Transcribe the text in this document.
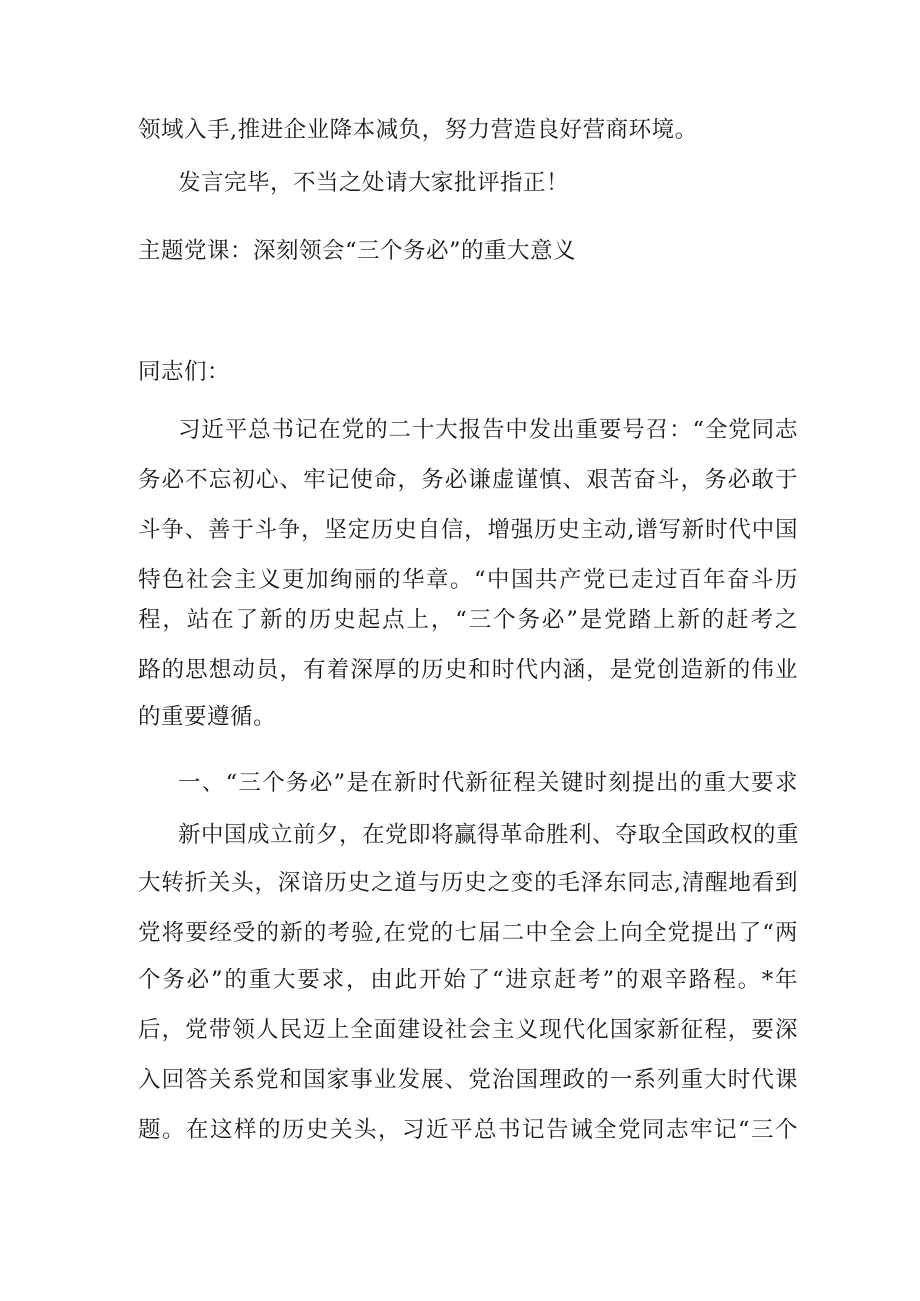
领域入手,推进企业降本减负，努力营造良好营商环境。
发言完毕，不当之处请大家批评指正！
主题党课：深刻领会“三个务必”的重大意义
同志们：
习近平总书记在党的二十大报告中发出重要号召：“全党同志
务必不忘初心、牢记使命，务必谦虚谨慎、艰苦奋斗，务必敢于
斗争、善于斗争，坚定历史自信，增强历史主动,谱写新时代中国
特色社会主义更加绚丽的华章。“中国共产党已走过百年奋斗历
程，站在了新的历史起点上，“三个务必”是党踏上新的赶考之
路的思想动员，有着深厚的历史和时代内涵，是党创造新的伟业
的重要遵循。
一、“三个务必”是在新时代新征程关键时刻提出的重大要求
新中国成立前夕，在党即将赢得革命胜利、夺取全国政权的重
大转折关头，深谙历史之道与历史之变的毛泽东同志,清醒地看到
党将要经受的新的考验,在党的七届二中全会上向全党提出了“两
个务必”的重大要求，由此开始了“进京赶考”的艰辛路程。*年
后，党带领人民迈上全面建设社会主义现代化国家新征程，要深
入回答关系党和国家事业发展、党治国理政的一系列重大时代课
题。在这样的历史关头，习近平总书记告诫全党同志牢记“三个
